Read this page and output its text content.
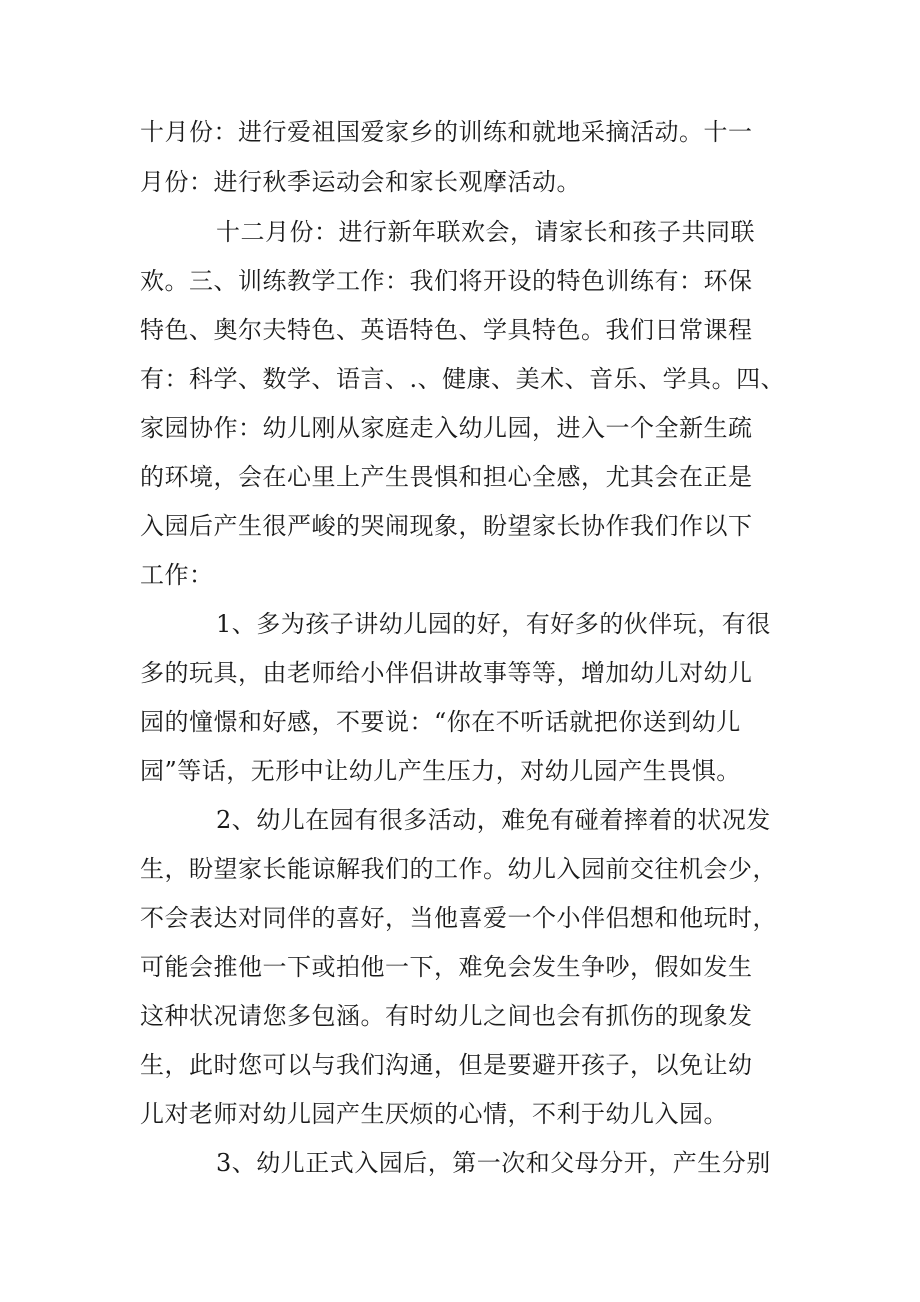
十月份：进行爱祖国爱家乡的训练和就地采摘活动。十一
月份：进行秋季运动会和家长观摩活动。
十二月份：进行新年联欢会，请家长和孩子共同联
欢。三、训练教学工作：我们将开设的特色训练有：环保
特色、奥尔夫特色、英语特色、学具特色。我们日常课程
有：科学、数学、语言、.、健康、美术、音乐、学具。四、
家园协作：幼儿刚从家庭走入幼儿园，进入一个全新生疏
的环境，会在心里上产生畏惧和担心全感，尤其会在正是
入园后产生很严峻的哭闹现象，盼望家长协作我们作以下
工作：
1、多为孩子讲幼儿园的好，有好多的伙伴玩，有很
多的玩具，由老师给小伴侣讲故事等等，增加幼儿对幼儿
园的憧憬和好感，不要说：“你在不听话就把你送到幼儿
园”等话，无形中让幼儿产生压力，对幼儿园产生畏惧。
2、幼儿在园有很多活动，难免有碰着摔着的状况发
生，盼望家长能谅解我们的工作。幼儿入园前交往机会少，
不会表达对同伴的喜好，当他喜爱一个小伴侣想和他玩时，
可能会推他一下或拍他一下，难免会发生争吵，假如发生
这种状况请您多包涵。有时幼儿之间也会有抓伤的现象发
生，此时您可以与我们沟通，但是要避开孩子，以免让幼
儿对老师对幼儿园产生厌烦的心情，不利于幼儿入园。
3、幼儿正式入园后，第一次和父母分开，产生分别
